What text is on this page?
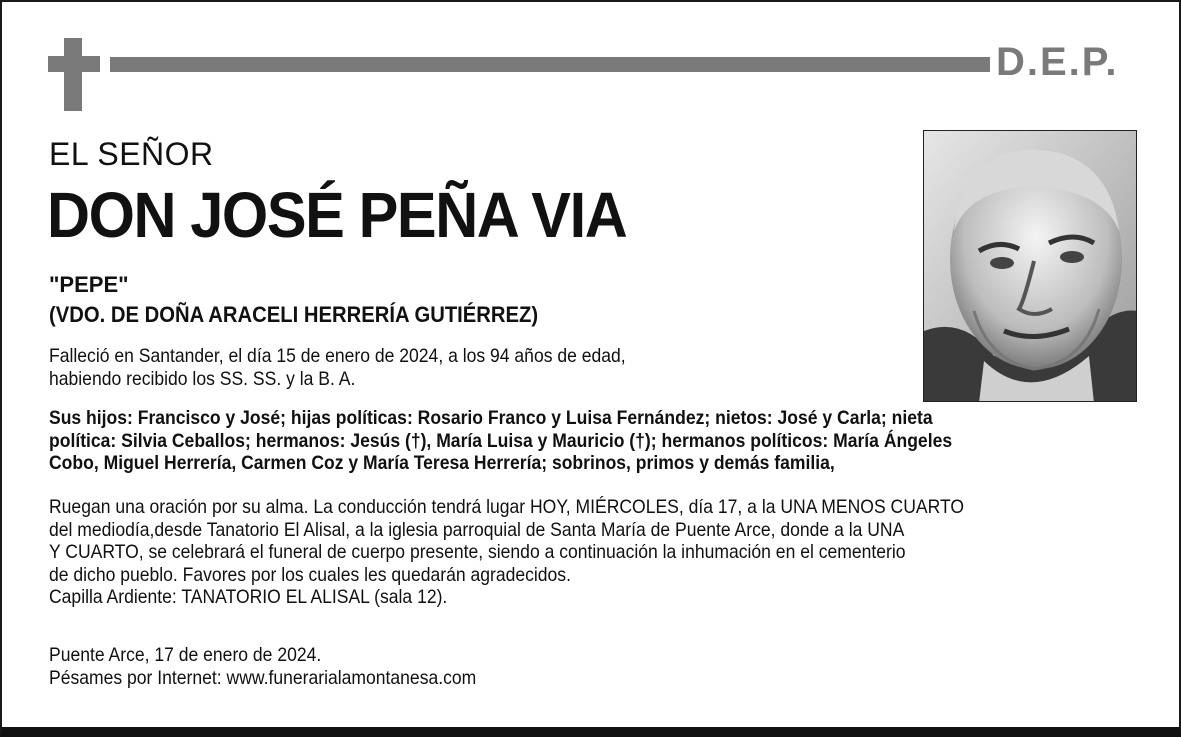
D.E.P.
EL SEÑOR
DON JOSÉ PEÑA VIA
"PEPE"
(VDO. DE DOÑA ARACELI HERRERÍA GUTIÉRREZ)
Falleció en Santander, el día 15 de enero de 2024, a los 94 años de edad,
habiendo recibido los SS. SS. y la B. A.
Sus hijos: Francisco y José; hijas políticas: Rosario Franco y Luisa Fernández; nietos: José y Carla; nieta
política: Silvia Ceballos; hermanos: Jesús (†), María Luisa y Mauricio (†); hermanos políticos: María Ángeles
Cobo, Miguel Herrería, Carmen Coz y María Teresa Herrería; sobrinos, primos y demás familia,
Ruegan una oración por su alma. La conducción tendrá lugar HOY, MIÉRCOLES, día 17, a la UNA MENOS CUARTO
del mediodía,desde Tanatorio El Alisal, a la iglesia parroquial de Santa María de Puente Arce, donde a la UNA
Y CUARTO, se celebrará el funeral de cuerpo presente, siendo a continuación la inhumación en el cementerio
de dicho pueblo. Favores por los cuales les quedarán agradecidos.
Capilla Ardiente: TANATORIO EL ALISAL (sala 12).
Puente Arce, 17 de enero de 2024.
Pésames por Internet: www.funerarialamontanesa.com
